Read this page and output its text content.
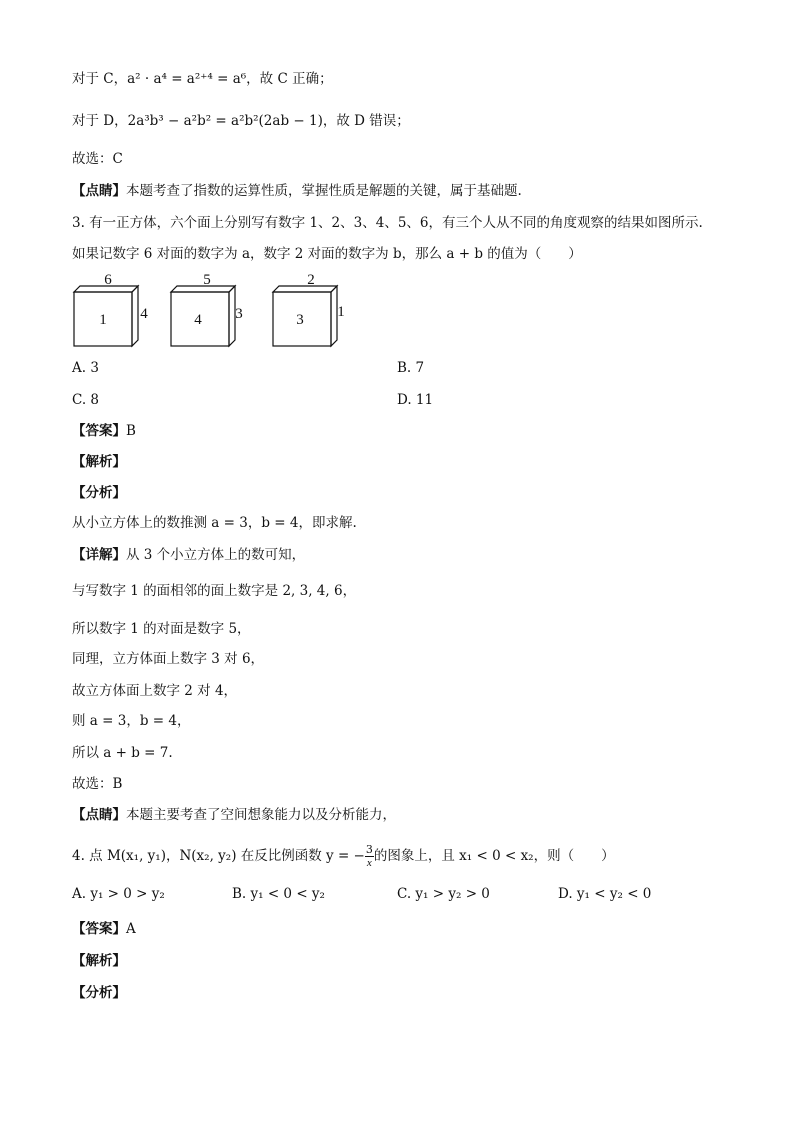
对于 C，a² · a⁴ = a²⁺⁴ = a⁶，故 C 正确；
对于 D，2a³b³ − a²b² = a²b²(2ab − 1)，故 D 错误；
故选：C
【点睛】本题考查了指数的运算性质，掌握性质是解题的关键，属于基础题.
3. 有一正方体，六个面上分别写有数字 1、2、3、4、5、6，有三个人从不同的角度观察的结果如图所示.
如果记数字 6 对面的数字为 a，数字 2 对面的数字为 b，那么 a + b 的值为（　　）
6
1 4
5
4 3
2
3 1
A. 3	B. 7
C. 8	D. 11
【答案】B
【解析】
【分析】
从小立方体上的数推测 a = 3，b = 4，即求解.
【详解】从 3 个小立方体上的数可知，
与写数字 1 的面相邻的面上数字是 2, 3, 4, 6，
所以数字 1 的对面是数字 5，
同理，立方体面上数字 3 对 6，
故立方体面上数字 2 对 4，
则 a = 3，b = 4，
所以 a + b = 7.
故选：B
【点睛】本题主要考查了空间想象能力以及分析能力，
4. 点 M(x₁, y₁)，N(x₂, y₂) 在反比例函数 y = − $\frac{3}{x}$ 的图象上，且 x₁ < 0 < x₂，则（　　）
A. y₁ > 0 > y₂	B. y₁ < 0 < y₂	C. y₁ > y₂ > 0	D. y₁ < y₂ < 0
【答案】A
【解析】
【分析】
